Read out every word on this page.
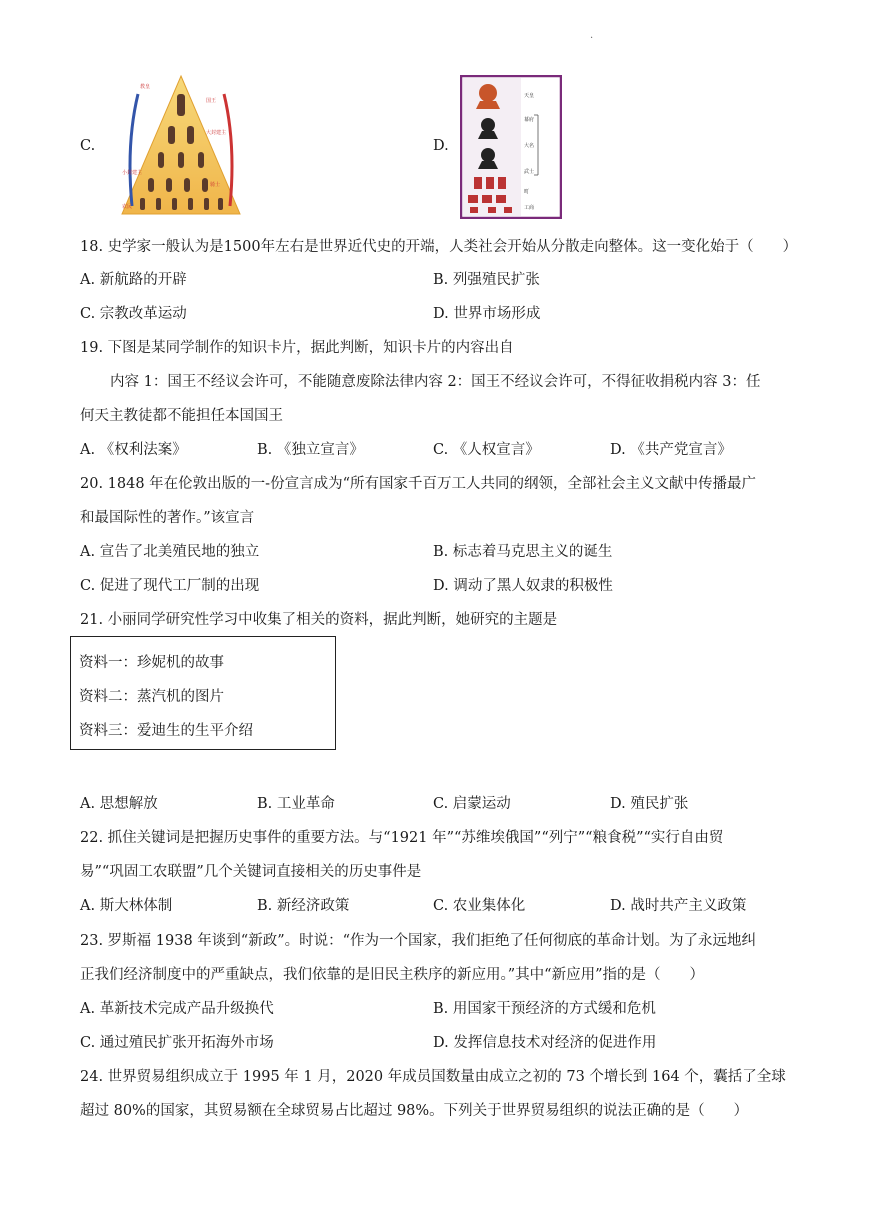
.
C.
教皇
国王
大封建主
小封建主
骑士
农民
D.
天皇
幕府
大名
武士
町
工商
18. 史学家一般认为是1500年左右是世界近代史的开端，人类社会开始从分散走向整体。这一变化始于（　　）
A. 新航路的开辟	B. 列强殖民扩张
C. 宗教改革运动	D. 世界市场形成
19. 下图是某同学制作的知识卡片，据此判断，知识卡片的内容出自
内容 1：国王不经议会许可，不能随意废除法律内容 2：国王不经议会许可，不得征收捐税内容 3：任
何天主教徒都不能担任本国国王
A. 《权利法案》	B. 《独立宣言》	C. 《人权宣言》	D. 《共产党宣言》
20. 1848 年在伦敦出版的一-份宣言成为“所有国家千百万工人共同的纲领，全部社会主义文献中传播最广
和最国际性的著作。”该宣言
A. 宣告了北美殖民地的独立	B. 标志着马克思主义的诞生
C. 促进了现代工厂制的出现	D. 调动了黑人奴隶的积极性
21. 小丽同学研究性学习中收集了相关的资料，据此判断，她研究的主题是
资料一：珍妮机的故事
资料二：蒸汽机的图片
资料三：爱迪生的生平介绍
A. 思想解放	B. 工业革命	C. 启蒙运动	D. 殖民扩张
22. 抓住关键词是把握历史事件的重要方法。与“1921 年”“苏维埃俄国”“列宁”“粮食税”“实行自由贸
易”“巩固工农联盟”几个关键词直接相关的历史事件是
A. 斯大林体制	B. 新经济政策	C. 农业集体化	D. 战时共产主义政策
23. 罗斯福 1938 年谈到“新政”。时说：“作为一个国家，我们拒绝了任何彻底的革命计划。为了永远地纠
正我们经济制度中的严重缺点，我们依靠的是旧民主秩序的新应用。”其中“新应用”指的是（　　）
A. 革新技术完成产品升级换代	B. 用国家干预经济的方式缓和危机
C. 通过殖民扩张开拓海外市场	D. 发挥信息技术对经济的促进作用
24. 世界贸易组织成立于 1995 年 1 月，2020 年成员国数量由成立之初的 73 个增长到 164 个，囊括了全球
超过 80%的国家，其贸易额在全球贸易占比超过 98%。下列关于世界贸易组织的说法正确的是（　　）
